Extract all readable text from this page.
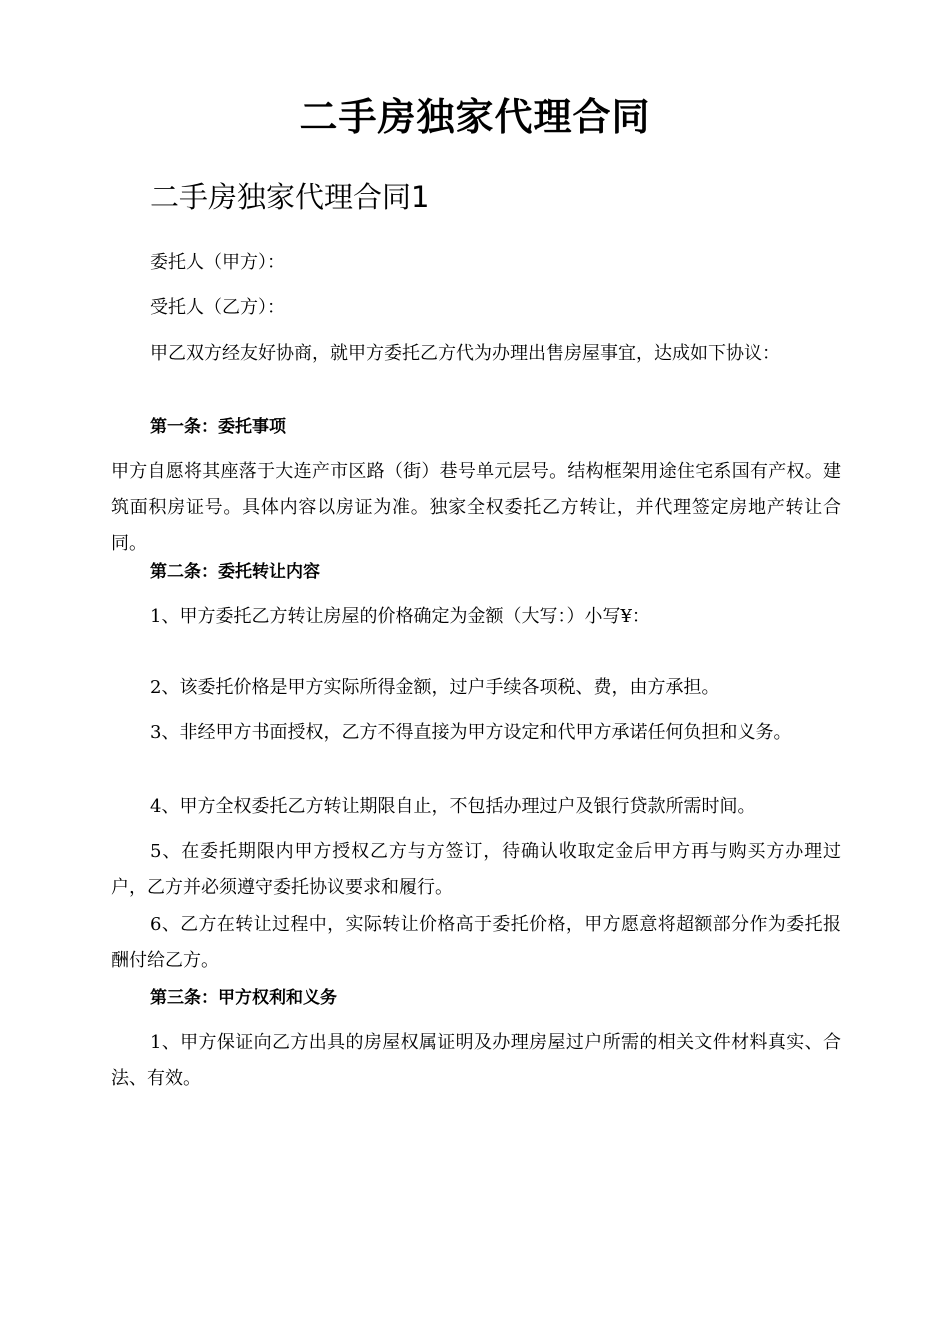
二手房独家代理合同
二手房独家代理合同1

委托人（甲方）：

受托人（乙方）：

甲乙双方经友好协商，就甲方委托乙方代为办理出售房屋事宜，达成如下协议：

第一条：委托事项

甲方自愿将其座落于大连产市区路（街）巷号单元层号。结构框架用途住宅系国有产权。建筑面积房证号。具体内容以房证为准。独家全权委托乙方转让，并代理签定房地产转让合同。

第二条：委托转让内容

1、甲方委托乙方转让房屋的价格确定为金额（大写：）小写¥：

2、该委托价格是甲方实际所得金额，过户手续各项税、费，由方承担。

3、非经甲方书面授权，乙方不得直接为甲方设定和代甲方承诺任何负担和义务。

4、甲方全权委托乙方转让期限自止，不包括办理过户及银行贷款所需时间。

5、在委托期限内甲方授权乙方与方签订，待确认收取定金后甲方再与购买方办理过户，乙方并必须遵守委托协议要求和履行。

6、乙方在转让过程中，实际转让价格高于委托价格，甲方愿意将超额部分作为委托报酬付给乙方。

第三条：甲方权利和义务

1、甲方保证向乙方出具的房屋权属证明及办理房屋过户所需的相关文件材料真实、合法、有效。
